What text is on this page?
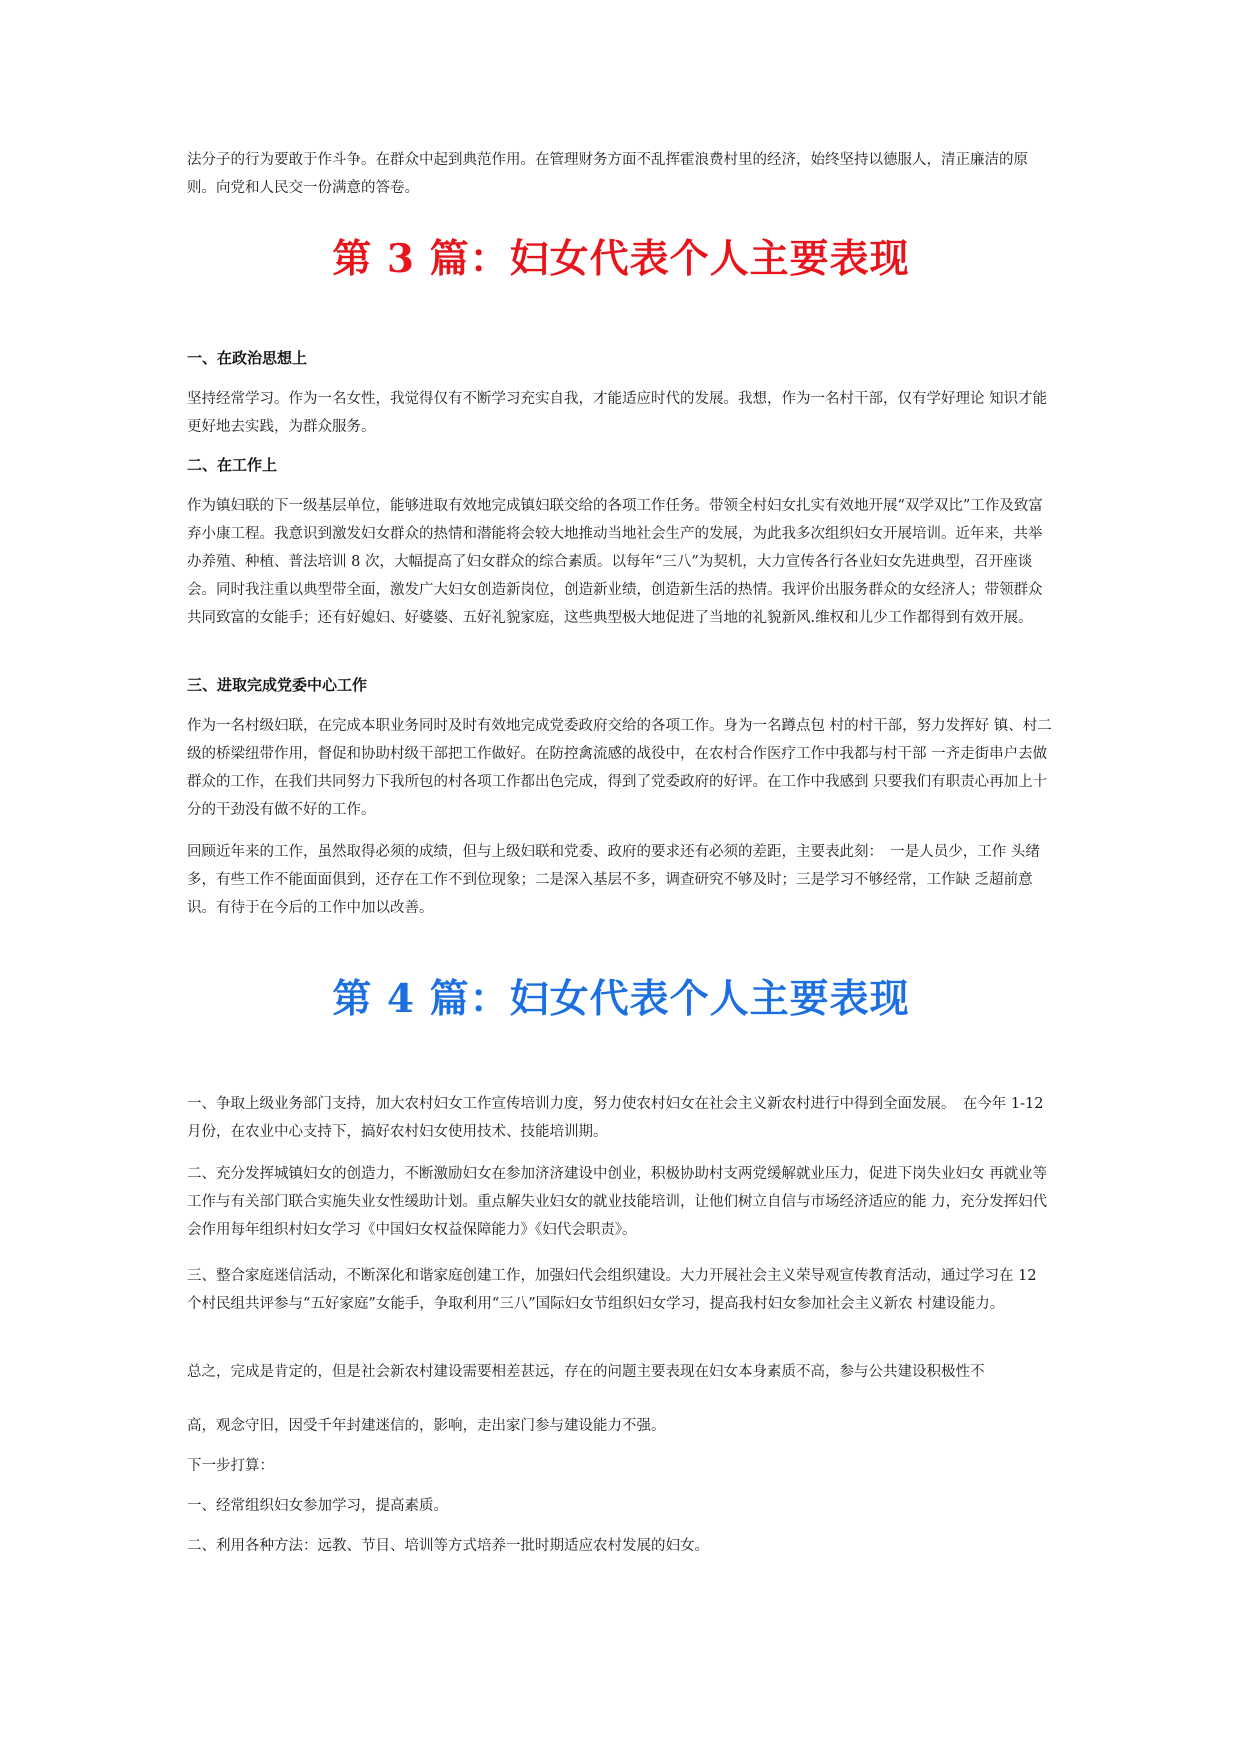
法分子的行为要敢于作斗争。在群众中起到典范作用。在管理财务方面不乱挥霍浪费村里的经济，始终坚持以德服人，清正廉洁的原则。向党和人民交一份满意的答卷。

第 3 篇：妇女代表个人主要表现
一、在政治思想上

坚持经常学习。作为一名女性，我觉得仅有不断学习充实自我，才能适应时代的发展。我想，作为一名村干部，仅有学好理论 知识才能更好地去实践，为群众服务。

二、在工作上

作为镇妇联的下一级基层单位，能够进取有效地完成镇妇联交给的各项工作任务。带领全村妇女扎实有效地开展“双学双比”工作及致富弃小康工程。我意识到激发妇女群众的热情和潜能将会较大地推动当地社会生产的发展，为此我多次组织妇女开展培训。近年来，共举办养殖、种植、普法培训 8 次，大幅提高了妇女群众的综合素质。以每年“三八”为契机，大力宣传各行各业妇女先进典型，召开座谈会。同时我注重以典型带全面，激发广大妇女创造新岗位，创造新业绩，创造新生活的热情。我评价出服务群众的女经济人；带领群众共同致富的女能手；还有好媳妇、好婆婆、五好礼貌家庭，这些典型极大地促进了当地的礼貌新风.维权和儿少工作都得到有效开展。

三、进取完成党委中心工作

作为一名村级妇联，在完成本职业务同时及时有效地完成党委政府交给的各项工作。身为一名蹲点包 村的村干部，努力发挥好 镇、村二级的桥梁纽带作用，督促和协助村级干部把工作做好。在防控禽流感的战役中，在农村合作医疗工作中我都与村干部 一齐走街串户去做群众的工作，在我们共同努力下我所包的村各项工作都出色完成，得到了党委政府的好评。在工作中我感到 只要我们有职责心再加上十分的干劲没有做不好的工作。

回顾近年来的工作，虽然取得必须的成绩，但与上级妇联和党委、政府的要求还有必须的差距，主要表此刻：　一是人员少，工作 头绪多，有些工作不能面面俱到，还存在工作不到位现象；二是深入基层不多，调查研究不够及时；三是学习不够经常，工作缺 乏超前意识。有待于在今后的工作中加以改善。

第 4 篇：妇女代表个人主要表现

一、争取上级业务部门支持，加大农村妇女工作宣传培训力度，努力使农村妇女在社会主义新农村进行中得到全面发展。　在今年 1-12 月份，在农业中心支持下，搞好农村妇女使用技术、技能培训期。

二、充分发挥城镇妇女的创造力，不断激励妇女在参加济济建设中创业，积极协助村支两党缓解就业压力，促进下岗失业妇女 再就业等工作与有关部门联合实施失业女性缓助计划。重点解失业妇女的就业技能培训，让他们树立自信与市场经济适应的能 力，充分发挥妇代会作用每年组织村妇女学习《中国妇女权益保障能力》《妇代会职责》。

三、整合家庭迷信活动，不断深化和谐家庭创建工作，加强妇代会组织建设。大力开展社会主义荣导观宣传教育活动，通过学习在 12 个村民组共评参与“五好家庭”女能手，争取利用“三八”国际妇女节组织妇女学习，提高我村妇女参加社会主义新农 村建设能力。

总之，完成是肯定的，但是社会新农村建设需要相差甚远，存在的问题主要表现在妇女本身素质不高，参与公共建设积极性不

高，观念守旧，因受千年封建迷信的，影响，走出家门参与建设能力不强。

下一步打算：

一、经常组织妇女参加学习，提高素质。

二、利用各种方法：远教、节目、培训等方式培养一批时期适应农村发展的妇女。
